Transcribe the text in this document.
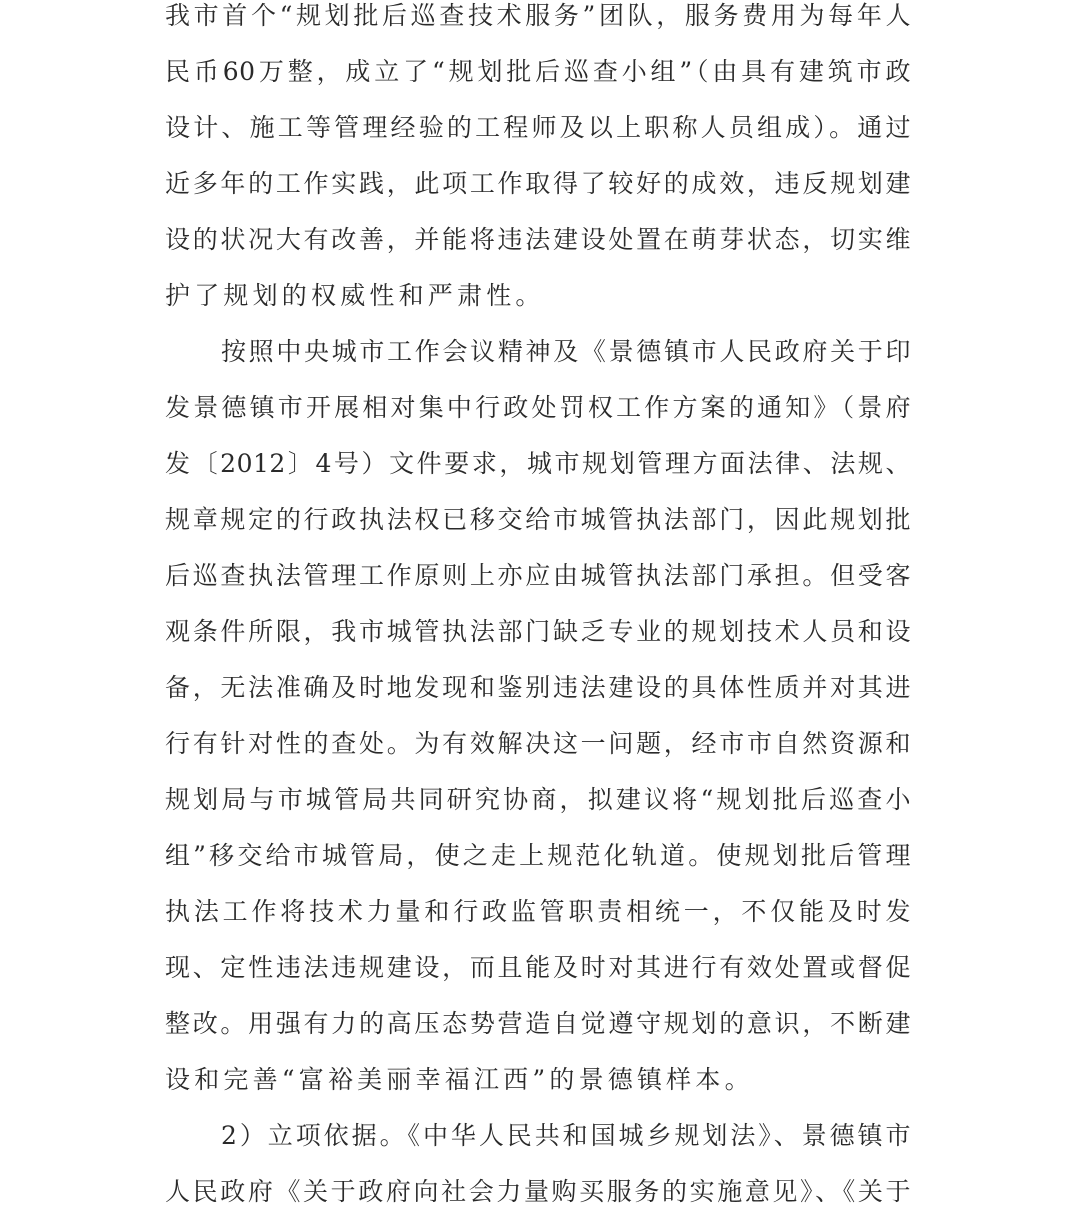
我市首个“规划批后巡查技术服务”团队，服务费用为每年人
民币60万整，成立了“规划批后巡查小组”（由具有建筑市政
设计、施工等管理经验的工程师及以上职称人员组成）。通过
近多年的工作实践，此项工作取得了较好的成效，违反规划建
设的状况大有改善，并能将违法建设处置在萌芽状态，切实维
护了规划的权威性和严肃性。
按照中央城市工作会议精神及《景德镇市人民政府关于印
发景德镇市开展相对集中行政处罚权工作方案的通知》（景府
发〔2012〕4号）文件要求，城市规划管理方面法律、法规、
规章规定的行政执法权已移交给市城管执法部门，因此规划批
后巡查执法管理工作原则上亦应由城管执法部门承担。但受客
观条件所限，我市城管执法部门缺乏专业的规划技术人员和设
备，无法准确及时地发现和鉴别违法建设的具体性质并对其进
行有针对性的查处。为有效解决这一问题，经市市自然资源和
规划局与市城管局共同研究协商，拟建议将“规划批后巡查小
组”移交给市城管局，使之走上规范化轨道。使规划批后管理
执法工作将技术力量和行政监管职责相统一，不仅能及时发
现、定性违法违规建设，而且能及时对其进行有效处置或督促
整改。用强有力的高压态势营造自觉遵守规划的意识，不断建
设和完善“富裕美丽幸福江西”的景德镇样本。
2）立项依据。《中华人民共和国城乡规划法》、景德镇市
人民政府《关于政府向社会力量购买服务的实施意见》、《关于
